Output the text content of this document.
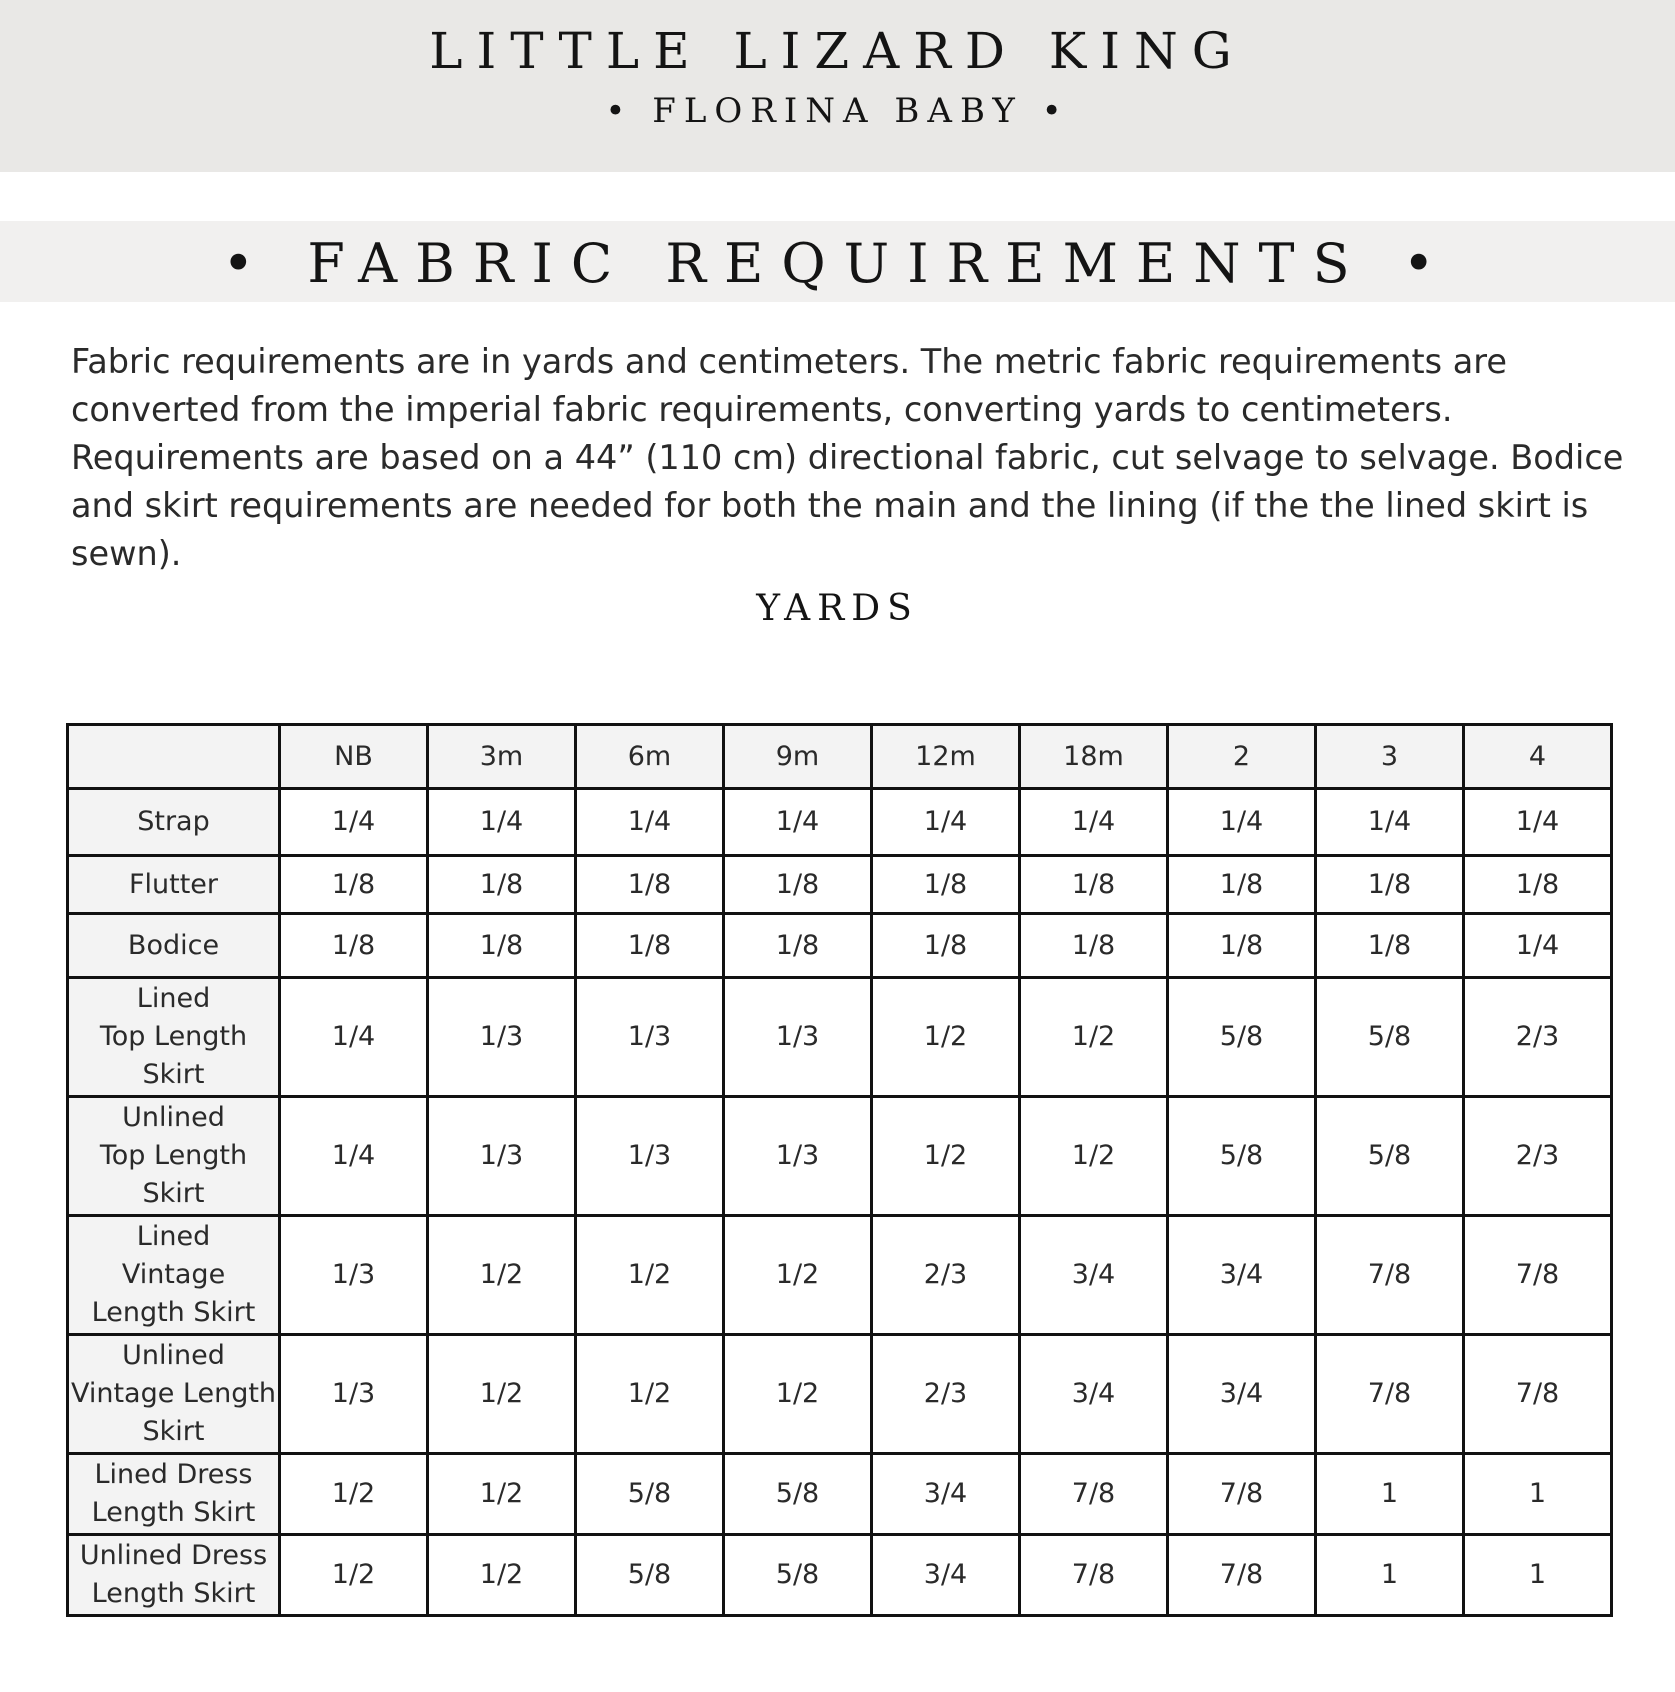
LITTLE LIZARD KING
• FLORINA BABY •
• FABRIC REQUIREMENTS •

Fabric requirements are in yards and centimeters. The metric fabric requirements are converted from the imperial fabric requirements, converting yards to centimeters. Requirements are based on a 44” (110 cm) directional fabric, cut selvage to selvage. Bodice and skirt requirements are needed for both the main and the lining (if the the lined skirt is sewn).

YARDS
	NB	3m	6m	9m	12m	18m	2	3	4
Strap	1/4	1/4	1/4	1/4	1/4	1/4	1/4	1/4	1/4
Flutter	1/8	1/8	1/8	1/8	1/8	1/8	1/8	1/8	1/8
Bodice	1/8	1/8	1/8	1/8	1/8	1/8	1/8	1/8	1/4
Lined
Top Length
Skirt	1/4	1/3	1/3	1/3	1/2	1/2	5/8	5/8	2/3
Unlined
Top Length
Skirt	1/4	1/3	1/3	1/3	1/2	1/2	5/8	5/8	2/3
Lined
Vintage
Length Skirt	1/3	1/2	1/2	1/2	2/3	3/4	3/4	7/8	7/8
Unlined
Vintage Length
Skirt	1/3	1/2	1/2	1/2	2/3	3/4	3/4	7/8	7/8
Lined Dress
Length Skirt	1/2	1/2	5/8	5/8	3/4	7/8	7/8	1	1
Unlined Dress
Length Skirt	1/2	1/2	5/8	5/8	3/4	7/8	7/8	1	1
